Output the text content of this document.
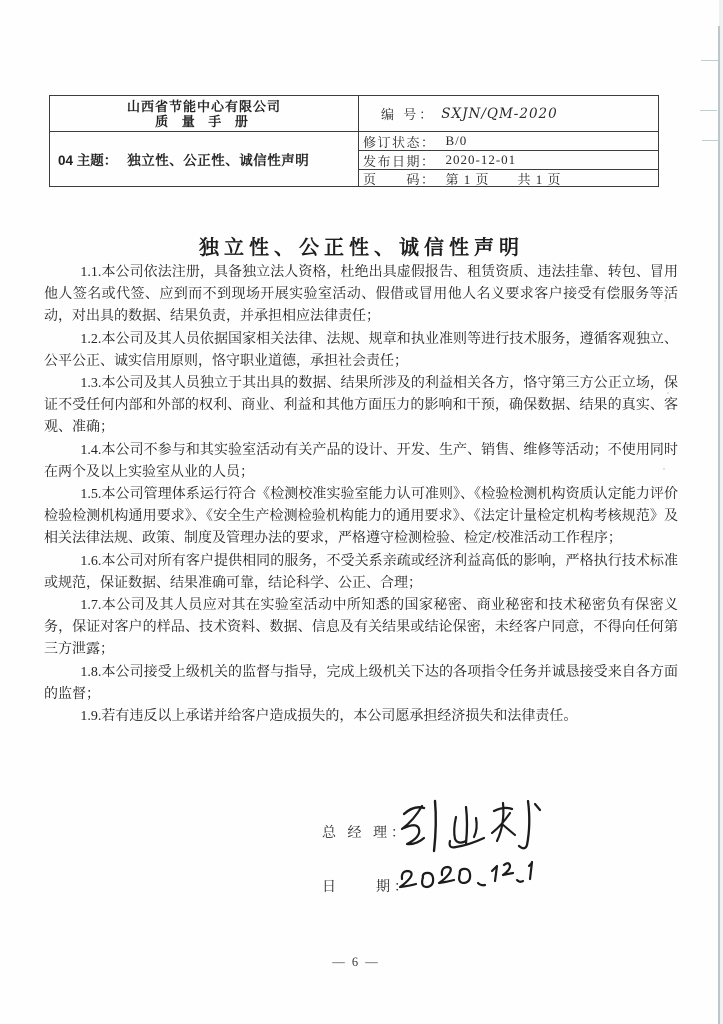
山西省节能中心有限公司
质 量 手 册
04 主题： 独立性、公正性、诚信性声明
编 号： SXJN/QM-2020
修订状态： B/0
发布日期： 2020-12-01
页　　码： 第 1 页　　共 1 页
独立性、公正性、诚信性声明

1.1.本公司依法注册，具备独立法人资格，杜绝出具虚假报告、租赁资质、违法挂靠、转包、冒用他人签名或代签、应到而不到现场开展实验室活动、假借或冒用他人名义要求客户接受有偿服务等活动，对出具的数据、结果负责，并承担相应法律责任；

1.2.本公司及其人员依据国家相关法律、法规、规章和执业准则等进行技术服务，遵循客观独立、公平公正、诚实信用原则，恪守职业道德，承担社会责任；

1.3.本公司及其人员独立于其出具的数据、结果所涉及的利益相关各方，恪守第三方公正立场，保证不受任何内部和外部的权利、商业、利益和其他方面压力的影响和干预，确保数据、结果的真实、客观、准确；

1.4.本公司不参与和其实验室活动有关产品的设计、开发、生产、销售、维修等活动；不使用同时在两个及以上实验室从业的人员；

1.5.本公司管理体系运行符合《检测校准实验室能力认可准则》、《检验检测机构资质认定能力评价　检验检测机构通用要求》、《安全生产检测检验机构能力的通用要求》、《法定计量检定机构考核规范》及相关法律法规、政策、制度及管理办法的要求，严格遵守检测检验、检定/校准活动工作程序；

1.6.本公司对所有客户提供相同的服务，不受关系亲疏或经济利益高低的影响，严格执行技术标准或规范，保证数据、结果准确可靠，结论科学、公正、合理；

1.7.本公司及其人员应对其在实验室活动中所知悉的国家秘密、商业秘密和技术秘密负有保密义务，保证对客户的样品、技术资料、数据、信息及有关结果或结论保密，未经客户同意，不得向任何第三方泄露；

1.8.本公司接受上级机关的监督与指导，完成上级机关下达的各项指令任务并诚恳接受来自各方面的监督；

1.9.若有违反以上承诺并给客户造成损失的，本公司愿承担经济损失和法律责任。

总 经 理：
日　　期：
— 6 —
